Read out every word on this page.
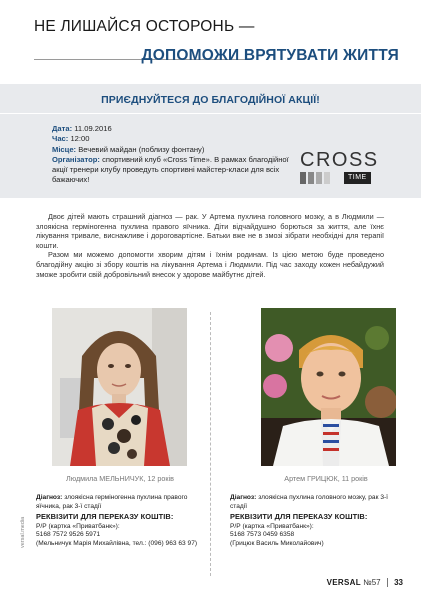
НЕ ЛИШАЙСЯ ОСТОРОНЬ —
ДОПОМОЖИ ВРЯТУВАТИ ЖИТТЯ
ПРИЄДНУЙТЕСЯ ДО БЛАГОДІЙНОЇ АКЦІЇ!
Дата: 11.09.2016
Час: 12:00
Місце: Вечевий майдан (поблизу фонтану)
Організатор: спортивний клуб «Cross Time». В рамках благодійної акції тренери клубу проведуть спортивні майстер-класи для всіх бажаючих!
CROSS
TIME

Двоє дітей мають страшний діагноз — рак. У Артема пухлина головного мозку, а в Людмили — злоякісна герміногенна пухлина правого яїчника. Діти відчайдушно борються за життя, але їхнє лікування тривале, виснажливе і дороговартісне. Батьки вже не в змозі зібрати необхідні для терапії кошти.

Разом ми можемо допомогти хворим дітям і їхнім родинам. Із цією метою буде проведено благодійну акцію зі збору коштів на лікування Артема і Людмили. Під час заходу кожен небайдужий зможе зробити свій добровільний внесок у здорове майбутнє дітей.

Людмила МЕЛЬНИЧУК, 12 років	Артем ГРИЦЮК, 11 років
Діагноз: злоякісна герміногенна пухлина правого яїчника, рак 3-ї стадії
РЕКВІЗИТИ ДЛЯ ПЕРЕКАЗУ КОШТІВ:
Р/Р (картка «Приватбанк»):
5168 7572 9526 5971
(Мельничук Марія Михайлівна, тел.: (096) 963 63 97)
Діагноз: злоякісна пухлина головного мозку, рак 3-ї стадії
РЕКВІЗИТИ ДЛЯ ПЕРЕКАЗУ КОШТІВ:
Р/Р (картка «Приватбанк»):
5168 7573 0459 6358
(Грицюк Василь Миколайович)
versal.media
VERSAL №57 33
